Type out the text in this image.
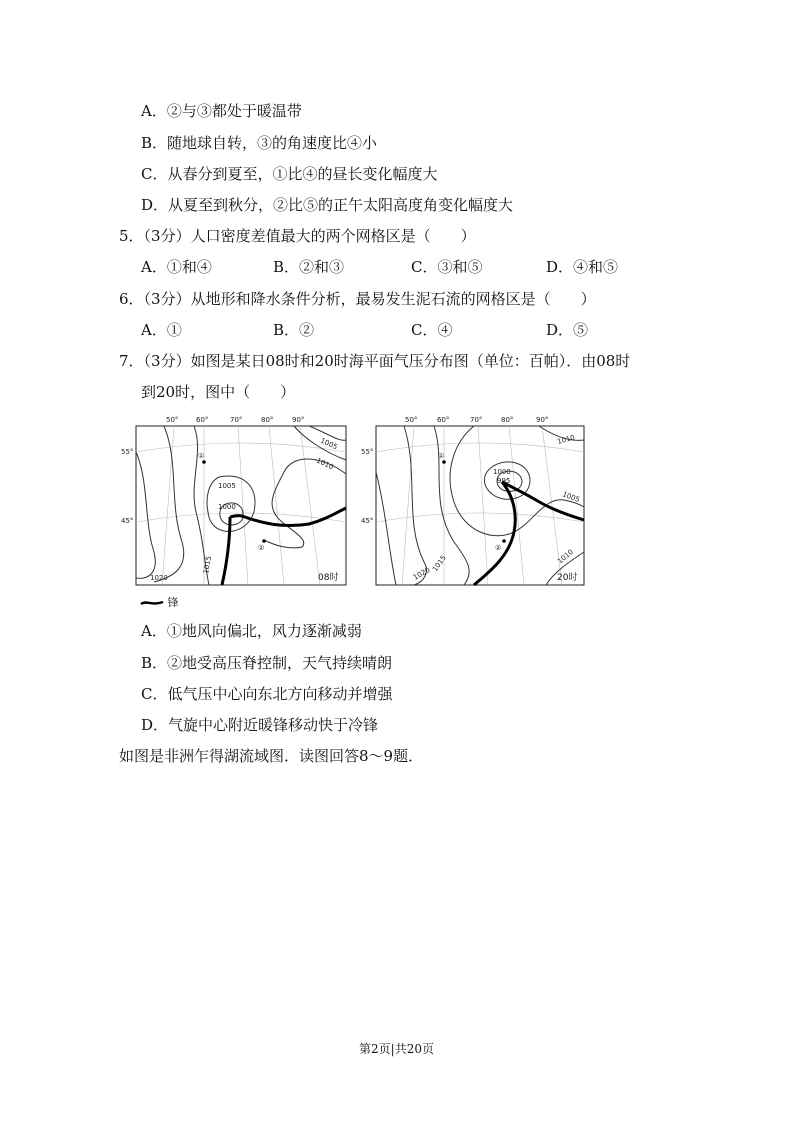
A．②与③都处于暖温带
B．随地球自转，③的角速度比④小
C．从春分到夏至，①比④的昼长变化幅度大
D．从夏至到秋分，②比⑤的正午太阳高度角变化幅度大
5．（3分）人口密度差值最大的两个网格区是（　　）
A．①和④	B．②和③	C．③和⑤	D．④和⑤
6．（3分）从地形和降水条件分析，最易发生泥石流的网格区是（　　）
A．①	B．②	C．④	D．⑤
7．（3分）如图是某日08时和20时海平面气压分布图（单位：百帕）．由08时
到20时，图中（　　）
50°	60°	70°	80°	90°
55°
45°
1005
1010
1005
1000
1015
1020
①
②
08时
50°	60°	70°	80°	90°
55°
45°
1010
1000
995
1005
1010
1020
1015
①
②
20时
锋
A．①地风向偏北，风力逐渐减弱
B．②地受高压脊控制，天气持续晴朗
C．低气压中心向东北方向移动并增强
D．气旋中心附近暖锋移动快于冷锋
如图是非洲乍得湖流域图．读图回答8～9题．
第2页|共20页
